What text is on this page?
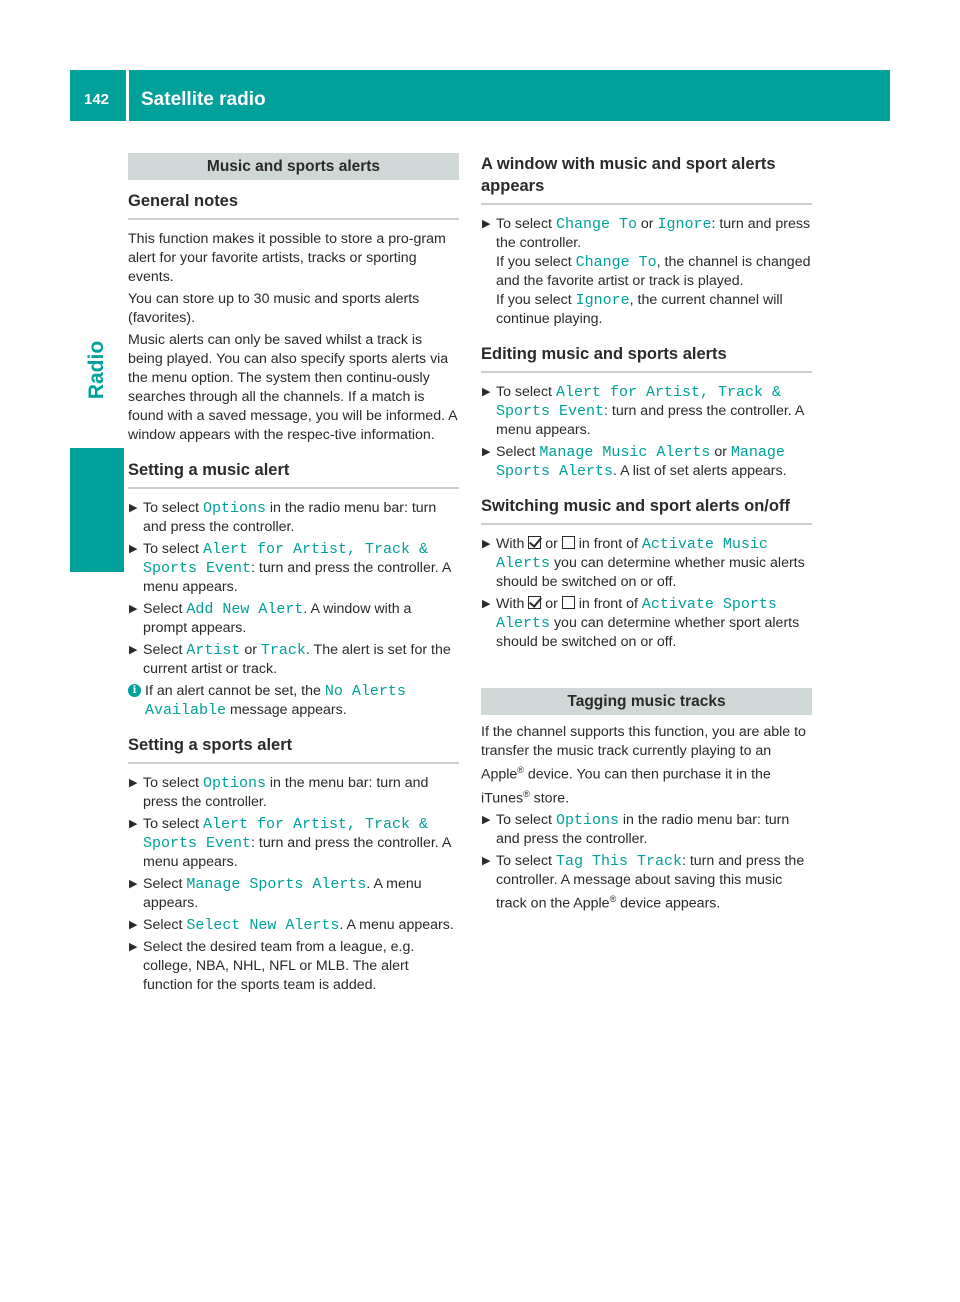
142 Satellite radio
Radio
Music and sports alerts
General notes

This function makes it possible to store a pro-gram alert for your favorite artists, tracks or sporting events.

You can store up to 30 music and sports alerts (favorites).

Music alerts can only be saved whilst a track is being played. You can also specify sports alerts via the menu option. The system then continu-ously searches through all the channels. If a match is found with a saved message, you will be informed. A window appears with the respec-tive information.

Setting a music alert
▶ To select Options in the radio menu bar: turn and press the controller.
▶ To select Alert for Artist, Track & Sports Event: turn and press the controller. A menu appears.
▶ Select Add New Alert. A window with a prompt appears.
▶ Select Artist or Track. The alert is set for the current artist or track.
i If an alert cannot be set, the No Alerts Available message appears.
Setting a sports alert
▶ To select Options in the menu bar: turn and press the controller.
▶ To select Alert for Artist, Track & Sports Event: turn and press the controller. A menu appears.
▶ Select Manage Sports Alerts. A menu appears.
▶ Select Select New Alerts. A menu appears.
▶ Select the desired team from a league, e.g. college, NBA, NHL, NFL or MLB. The alert function for the sports team is added.
A window with music and sport alerts appears
▶ To select Change To or Ignore: turn and press the controller.
If you select Change To, the channel is changed and the favorite artist or track is played.
If you select Ignore, the current channel will continue playing.
Editing music and sports alerts
▶ To select Alert for Artist, Track & Sports Event: turn and press the controller. A menu appears.
▶ Select Manage Music Alerts or Manage Sports Alerts. A list of set alerts appears.
Switching music and sport alerts on/off
▶ With  or  in front of Activate Music Alerts you can determine whether music alerts should be switched on or off.
▶ With  or  in front of Activate Sports Alerts you can determine whether sport alerts should be switched on or off.
Tagging music tracks

If the channel supports this function, you are able to transfer the music track currently playing to an Apple® device. You can then purchase it in the iTunes® store.

▶ To select Options in the radio menu bar: turn and press the controller.
▶ To select Tag This Track: turn and press the controller. A message about saving this music track on the Apple® device appears.
